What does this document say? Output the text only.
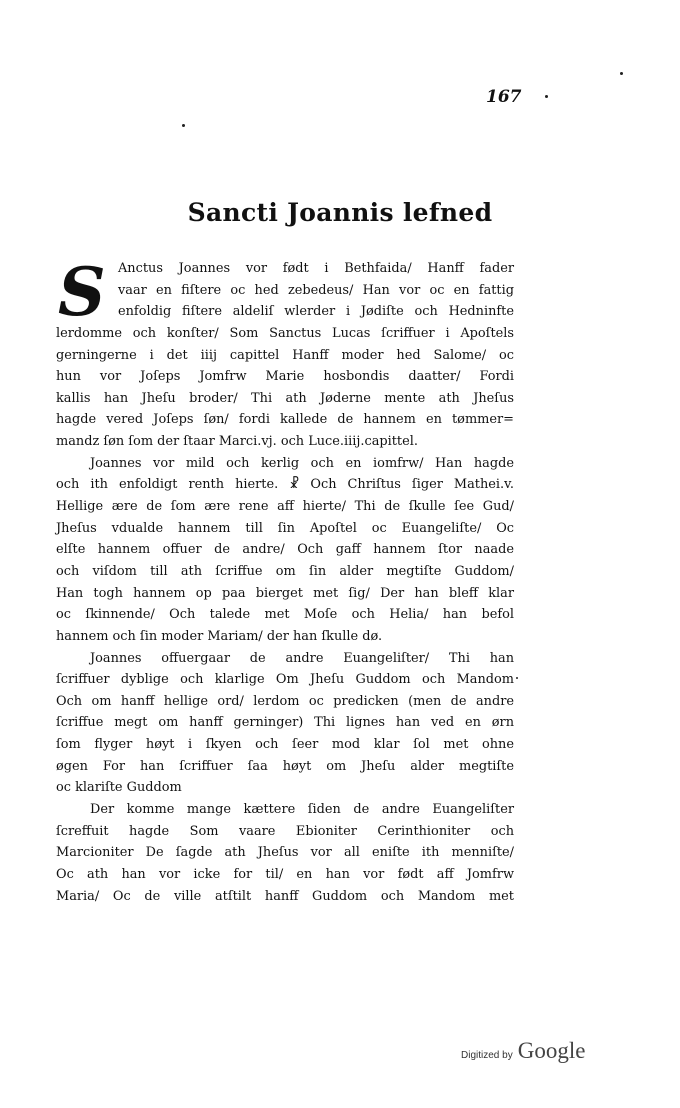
167
Sancti Joannis lefned
S Anctus Joannes vor født i Bethfaida/ Hanff fader
vaar en fiſtere oc hed zebedeus/ Han vor oc en fattig
enfoldig fiſtere aldeliſ wlerder i Jødiſte och Hedninfte
lerdomme och konſter/ Som Sanctus Lucas ſcriffuer i Apoſtels
gerningerne i det iiij capittel Hanff moder hed Salome/ oc
hun vor Joſeps Jomfrw Marie hosbondis daatter/ Fordi
kallis han Jheſu broder/ Thi ath Jøderne mente ath Jheſus
hagde vered Joſeps ſøn/ fordi kallede de hannem en tømmer=
mandz ſøn ſom der ſtaar Marci.vj. och Luce.iiij.capittel.
Joannes vor mild och kerlig och en iomfrw/ Han hagde
och ith enfoldigt renth hierte. ☧ Och Chriſtus ſiger Mathei.v.
Hellige ære de ſom ære rene aff hierte/ Thi de ſkulle ſee Gud/
Jheſus vdualde hannem till ſin Apoſtel oc Euangeliſte/ Oc
elſte hannem offuer de andre/ Och gaff hannem ſtor naade
och viſdom till ath ſcriffue om ſin alder megtiſte Guddom/
Han togh hannem op paa bierget met ſig/ Der han bleff klar
oc ſkinnende/ Och talede met Moſe och Helia/ han befol
hannem och ſin moder Mariam/ der han ſkulle dø.
Joannes offuergaar de andre Euangeliſter/ Thi han
ſcriffuer dyblige och klarlige Om Jheſu Guddom och Mandom
Och om hanff hellige ord/ lerdom oc predicken (men de andre
ſcriffue megt om hanff gerninger) Thi lignes han ved en ørn
ſom flyger høyt i ſkyen och ſeer mod klar ſol met ohne
øgen For han ſcriffuer ſaa høyt om Jheſu alder megtiſte
oc klariſte Guddom
Der komme mange kættere ſiden de andre Euangeliſter
ſcreffuit hagde Som vaare Ebioniter Cerinthioniter och
Marcioniter De ſagde ath Jheſus vor all eniſte ith menniſte/
Oc ath han vor icke for til/ en han vor født aff Jomfrw
Maria/ Oc de ville atſtilt hanff Guddom och Mandom met
Digitized by Google
